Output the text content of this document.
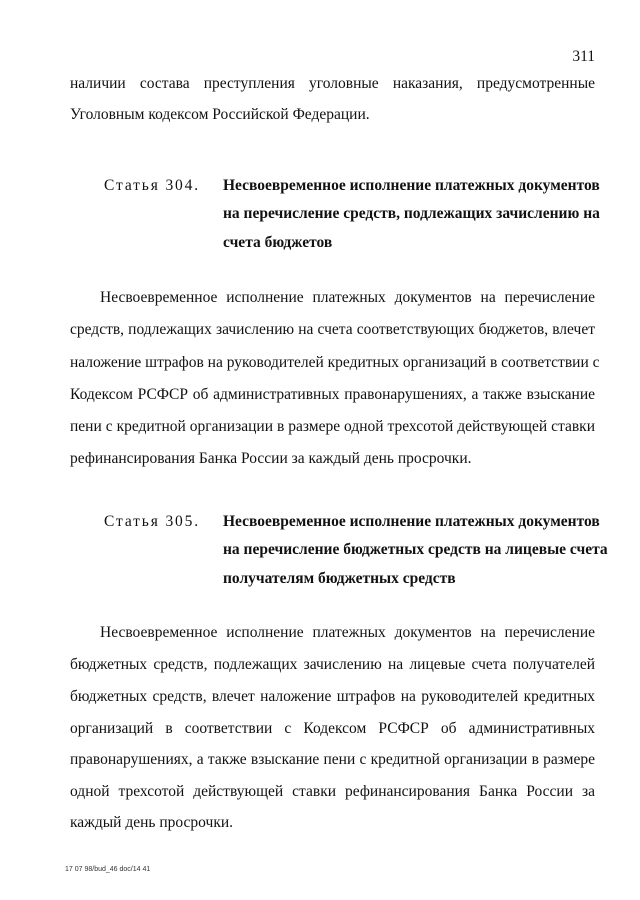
311
наличии состава преступления уголовные наказания, предусмотренные
Уголовным кодексом Российской Федерации.
Статья 304. Несвоевременное исполнение платежных документов
на перечисление средств, подлежащих зачислению на
счета бюджетов
Несвоевременное исполнение платежных документов на перечисление
средств, подлежащих зачислению на счета соответствующих бюджетов, влечет
наложение штрафов на руководителей кредитных организаций в соответствии с
Кодексом РСФСР об административных правонарушениях, а также взыскание
пени с кредитной организации в размере одной трехсотой действующей ставки
рефинансирования Банка России за каждый день просрочки.
Статья 305. Несвоевременное исполнение платежных документов
на перечисление бюджетных средств на лицевые счета
получателям бюджетных средств
Несвоевременное исполнение платежных документов на перечисление
бюджетных средств, подлежащих зачислению на лицевые счета получателей
бюджетных средств, влечет наложение штрафов на руководителей кредитных
организаций в соответствии с Кодексом РСФСР об административных
правонарушениях, а также взыскание пени с кредитной организации в размере
одной трехсотой действующей ставки рефинансирования Банка России за
каждый день просрочки.
17 07 98/bud_46 doc/14 41
